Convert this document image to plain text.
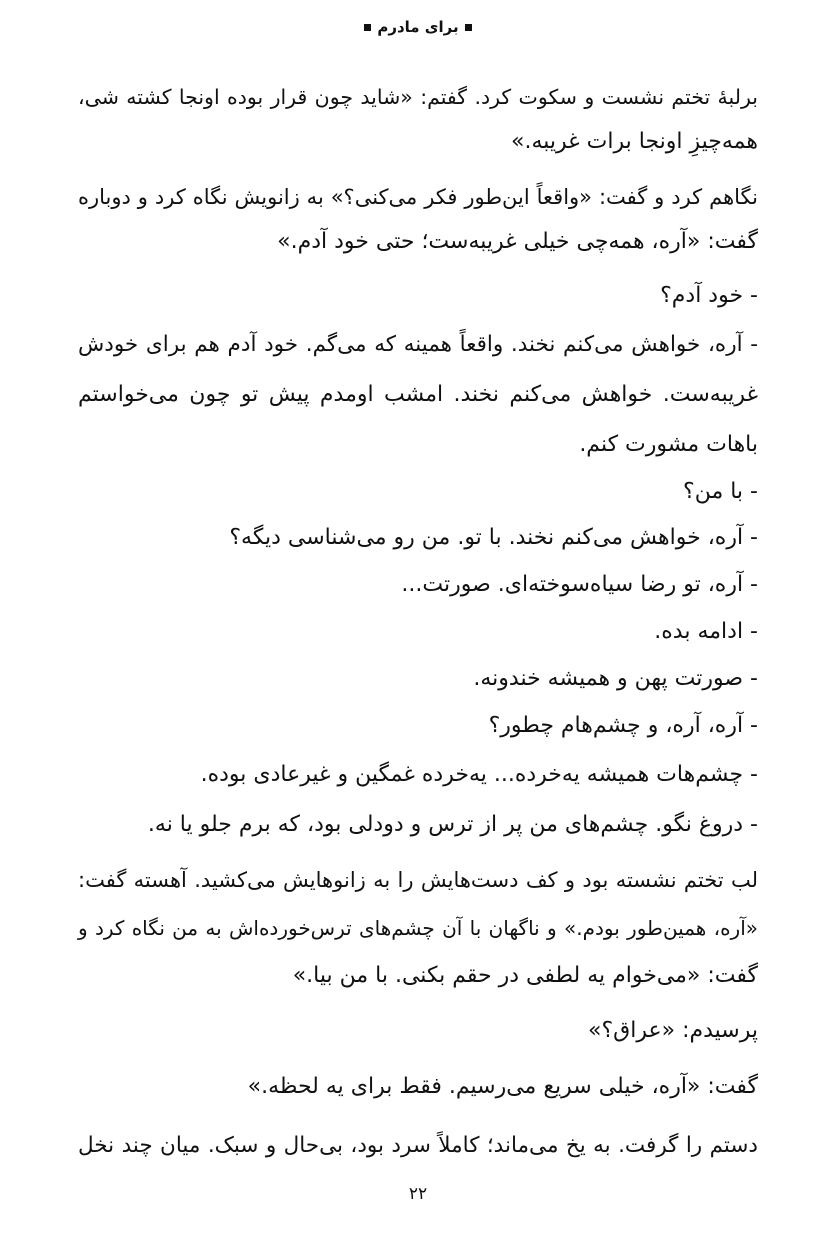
برای مادرم
برلبهٔ تختم نشست و سکوت کرد. گفتم: «شاید چون قرار بوده اونجا کشته شی،
همه‌چیزِ اونجا برات غریبه.»
نگاهم کرد و گفت: «واقعاً این‌طور فکر می‌کنی؟» به زانویش نگاه کرد و دوباره
گفت: «آره، همه‌چی خیلی غریبه‌ست؛ حتی خود آدم.»
- خود آدم؟
- آره، خواهش می‌کنم نخند. واقعاً همینه که می‌گم. خود آدم هم برای خودش
غریبه‌ست. خواهش می‌کنم نخند. امشب اومدم پیش تو چون می‌خواستم
باهات مشورت کنم.
- با من؟
- آره، خواهش می‌کنم نخند. با تو. من رو می‌شناسی دیگه؟
- آره، تو رضا سیاه‌سوخته‌ای. صورتت...
- ادامه بده.
- صورتت پهن و همیشه خندونه.
- آره، آره، و چشم‌هام چطور؟
- چشم‌هات همیشه یه‌خرده... یه‌خرده غمگین و غیرعادی بوده.
- دروغ نگو. چشم‌های من پر از ترس و دودلی بود، که برم جلو یا نه.
لب تختم نشسته بود و کف دست‌هایش را به زانوهایش می‌کشید. آهسته گفت:
«آره، همین‌طور بودم.» و ناگهان با آن چشم‌های ترس‌خورده‌اش به من نگاه کرد و
گفت: «می‌خوام یه لطفی در حقم بکنی. با من بیا.»
پرسیدم: «عراق؟»
گفت: «آره، خیلی سریع می‌رسیم. فقط برای یه لحظه.»
دستم را گرفت. به یخ می‌ماند؛ کاملاً سرد بود، بی‌حال و سبک. میان چند نخل
۲۲
